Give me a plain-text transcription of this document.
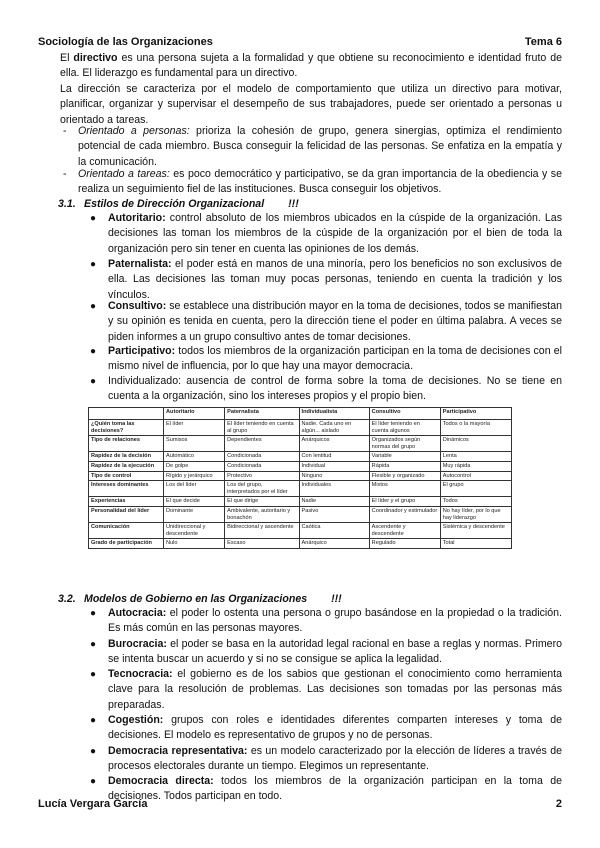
Sociología de las Organizaciones	Tema 6
El directivo es una persona sujeta a la formalidad y que obtiene su reconocimiento e identidad fruto de ella. El liderazgo es fundamental para un directivo.
La dirección se caracteriza por el modelo de comportamiento que utiliza un directivo para motivar, planificar, organizar y supervisar el desempeño de sus trabajadores, puede ser orientado a personas u orientado a tareas.
- Orientado a personas: prioriza la cohesión de grupo, genera sinergias, optimiza el rendimiento potencial de cada miembro. Busca conseguir la felicidad de las personas. Se enfatiza en la empatía y la comunicación.
- Orientado a tareas: es poco democrático y participativo, se da gran importancia de la obediencia y se realiza un seguimiento fiel de las instituciones. Busca conseguir los objetivos.
3.1. Estilos de Dirección Organizacional !!!
● Autoritario: control absoluto de los miembros ubicados en la cúspide de la organización. Las decisiones las toman los miembros de la cúspide de la organización por el bien de toda la organización pero sin tener en cuenta las opiniones de los demás.
● Paternalista: el poder está en manos de una minoría, pero los beneficios no son exclusivos de ella. Las decisiones las toman muy pocas personas, teniendo en cuenta la tradición y los vínculos.
● Consultivo: se establece una distribución mayor en la toma de decisiones, todos se manifiestan y su opinión es tenida en cuenta, pero la dirección tiene el poder en última palabra. A veces se piden informes a un grupo consultivo antes de tomar decisiones.
● Participativo: todos los miembros de la organización participan en la toma de decisiones con el mismo nivel de influencia, por lo que hay una mayor democracia.
● Individualizado: ausencia de control de forma sobre la toma de decisiones. No se tiene en cuenta a la organización, sino los intereses propios y el propio bien.
	Autoritario	Paternalista	Individualista	Consultivo	Participativo
¿Quién toma las decisiones?	El líder	El líder teniendo en cuenta al grupo	Nadie. Cada uno en algún... aislado	El líder teniendo en cuenta algunos	Todos o la mayoría
Tipo de relaciones	Sumisos	Dependientes	Anárquicos	Organizados según normas del grupo	Dinámicos
Rapidez de la decisión	Automático	Condicionada	Con lentitud	Variable	Lenta
Rapidez de la ejecución	De golpe	Condicionada	Individual	Rápida	Muy rápida
Tipo de control	Rígido y jerárquico	Protectivo	Ninguno	Flexible y organizado	Autocontrol
Intereses dominantes	Los del líder	Los del grupo, interpretados por el líder	Individuales	Mixtos	El grupo
Experiencias	El que decide	El que dirige	Nadie	El líder y el grupo	Todos
Personalidad del líder	Dominante	Ambivalente, autoritario y bonachón	Pasivo	Coordinador y estimulador	No hay líder, por lo que hay liderazgo
Comunicación	Unidireccional y descendente	Bidireccional y ascendente	Caótica	Ascendente y descendente	Sistémica y descendente
Grado de participación	Nulo	Escaso	Anárquico	Regulado	Total
3.2. Modelos de Gobierno en las Organizaciones !!!
● Autocracia: el poder lo ostenta una persona o grupo basándose en la propiedad o la tradición. Es más común en las personas mayores.
● Burocracia: el poder se basa en la autoridad legal racional en base a reglas y normas. Primero se intenta buscar un acuerdo y si no se consigue se aplica la legalidad.
● Tecnocracia: el gobierno es de los sabios que gestionan el conocimiento como herramienta clave para la resolución de problemas. Las decisiones son tomadas por las personas más preparadas.
● Cogestión: grupos con roles e identidades diferentes comparten intereses y toma de decisiones. El modelo es representativo de grupos y no de personas.
● Democracia representativa: es un modelo caracterizado por la elección de líderes a través de procesos electorales durante un tiempo. Elegimos un representante.
● Democracia directa: todos los miembros de la organización participan en la toma de decisiones. Todos participan en todo.
Lucía Vergara García	2
